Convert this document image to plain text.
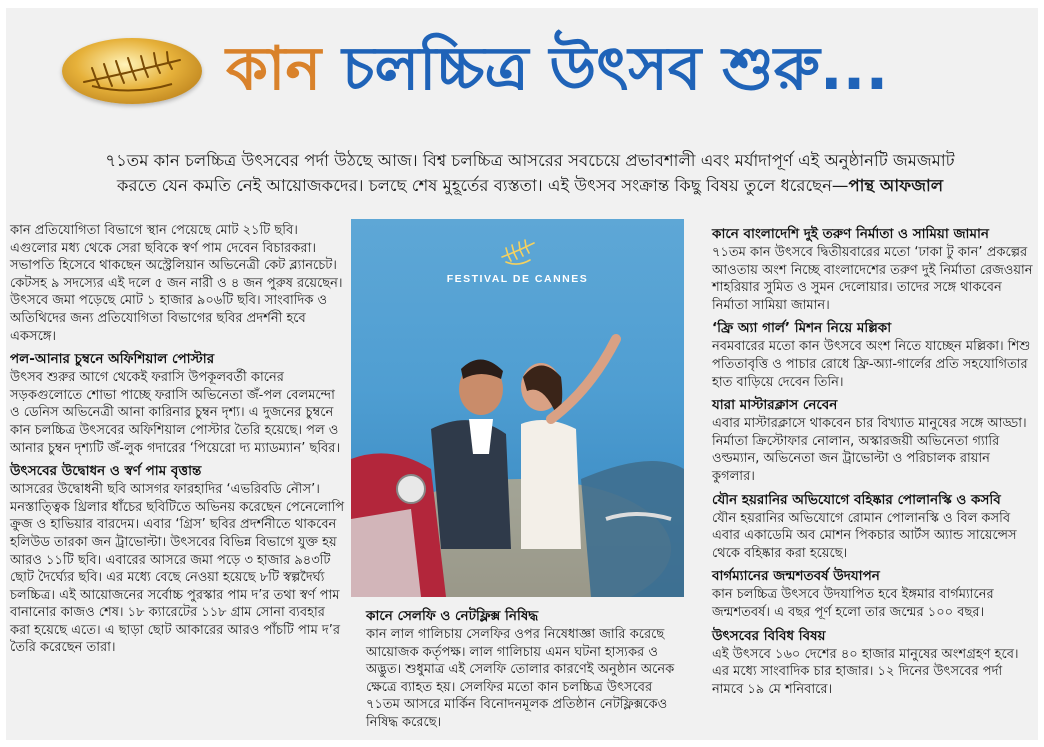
কান চলচ্চিত্র উৎসব শুরু...
৭১তম কান চলচ্চিত্র উৎসবের পর্দা উঠছে আজ। বিশ্ব চলচ্চিত্র আসরের সবচেয়ে প্রভাবশালী এবং মর্যাদাপূর্ণ এই অনুষ্ঠানটি জমজমাট
করতে যেন কমতি নেই আয়োজকদের। চলছে শেষ মুহূর্তের ব্যস্ততা। এই উৎসব সংক্রান্ত কিছু বিষয় তুলে ধরেছেন—পান্থ আফজাল

কান প্রতিযোগিতা বিভাগে স্থান পেয়েছে মোট ২১টি ছবি। এগুলোর মধ্য থেকে সেরা ছবিকে স্বর্ণ পাম দেবেন বিচারকরা। সভাপতি হিসেবে থাকছেন অস্ট্রেলিয়ান অভিনেত্রী কেট ব্ল্যানচেট। কেটসহ ৯ সদস্যের এই দলে ৫ জন নারী ও ৪ জন পুরুষ রয়েছেন। উৎসবে জমা পড়েছে মোট ১ হাজার ৯০৬টি ছবি। সাংবাদিক ও অতিথিদের জন্য প্রতিযোগিতা বিভাগের ছবির প্রদর্শনী হবে একসঙ্গে।

পল-আনার চুম্বনে অফিশিয়াল পোস্টার

উৎসব শুরুর আগে থেকেই ফরাসি উপকূলবর্তী কানের সড়কগুলোতে শোভা পাচ্ছে ফরাসি অভিনেতা জঁ-পল বেলমন্দো ও ডেনিস অভিনেত্রী আনা কারিনার চুম্বন দৃশ্য। এ দুজনের চুম্বনে কান চলচ্চিত্র উৎসবের অফিশিয়াল পোস্টার তৈরি হয়েছে। পল ও আনার চুম্বন দৃশ্যটি জঁ-লুক গদারের ‘পিয়েরো দ্য ম্যাডম্যান’ ছবির।

উৎসবের উদ্বোধন ও স্বর্ণ পাম বৃত্তান্ত

আসরের উদ্বোধনী ছবি আসগর ফারহাদির ‘এভরিবডি নৌস’। মনস্তাত্ত্বিক থ্রিলার ধাঁচের ছবিটিতে অভিনয় করেছেন পেনেলোপি ক্রুজ ও হাভিয়ার বারদেম। এবার ‘গ্রিস’ ছবির প্রদর্শনীতে থাকবেন হলিউড তারকা জন ট্রাভোল্টা। উৎসবের বিভিন্ন বিভাগে যুক্ত হয় আরও ১১টি ছবি। এবারের আসরে জমা পড়ে ৩ হাজার ৯৪৩টি ছোট দৈর্ঘ্যের ছবি। এর মধ্যে বেছে নেওয়া হয়েছে ৮টি স্বল্পদৈর্ঘ্য চলচ্চিত্র। এই আয়োজনের সর্বোচ্চ পুরস্কার পাম দ’র তথা স্বর্ণ পাম বানানোর কাজও শেষ। ১৮ ক্যারেটের ১১৮ গ্রাম সোনা ব্যবহার করা হয়েছে এতে। এ ছাড়া ছোট আকারের আরও পাঁচটি পাম দ’র তৈরি করেছেন তারা।

FESTIVAL DE CANNES
কানে সেলফি ও নেটফ্লিক্স নিষিদ্ধ

কান লাল গালিচায় সেলফির ওপর নিষেধাজ্ঞা জারি করেছে আয়োজক কর্তৃপক্ষ। লাল গালিচায় এমন ঘটনা হাস্যকর ও অদ্ভুত। শুধুমাত্র এই সেলফি তোলার কারণেই অনুষ্ঠান অনেক ক্ষেত্রে ব্যাহত হয়। সেলফির মতো কান চলচ্চিত্র উৎসবের ৭১তম আসরে মার্কিন বিনোদনমূলক প্রতিষ্ঠান নেটফ্লিক্সকেও নিষিদ্ধ করেছে।

কানে বাংলাদেশি দুই তরুণ নির্মাতা ও সামিয়া জামান

৭১তম কান উৎসবে দ্বিতীয়বারের মতো ‘ঢাকা টু কান’ প্রকল্পের আওতায় অংশ নিচ্ছে বাংলাদেশের তরুণ দুই নির্মাতা রেজওয়ান শাহরিয়ার সুমিত ও সুমন দেলোয়ার। তাদের সঙ্গে থাকবেন নির্মাতা সামিয়া জামান।

‘ফ্রি অ্যা গার্ল’ মিশন নিয়ে মল্লিকা

নবমবারের মতো কান উৎসবে অংশ নিতে যাচ্ছেন মল্লিকা। শিশু পতিতাবৃত্তি ও পাচার রোধে ফ্রি-অ্যা-গার্লের প্রতি সহযোগিতার হাত বাড়িয়ে দেবেন তিনি।

যারা মাস্টারক্লাস নেবেন

এবার মাস্টারক্লাসে থাকবেন চার বিখ্যাত মানুষের সঙ্গে আড্ডা। নির্মাতা ক্রিস্টোফার নোলান, অস্কারজয়ী অভিনেতা গ্যারি ওল্ডম্যান, অভিনেতা জন ট্রাভোল্টা ও পরিচালক রায়ান কুগলার।

যৌন হয়রানির অভিযোগে বহিষ্কার পোলানস্কি ও কসবি

যৌন হয়রানির অভিযোগে রোমান পোলানস্কি ও বিল কসবি এবার একাডেমি অব মোশন পিকচার আর্টস অ্যান্ড সায়েন্সেস থেকে বহিষ্কার করা হয়েছে।

বার্গম্যানের জন্মশতবর্ষ উদযাপন

কান চলচ্চিত্র উৎসবে উদযাপিত হবে ইঙ্গমার বার্গম্যানের জন্মশতবর্ষ। এ বছর পূর্ণ হলো তার জন্মের ১০০ বছর।

উৎসবের বিবিধ বিষয়

এই উৎসবে ১৬০ দেশের ৪০ হাজার মানুষের অংশগ্রহণ হবে। এর মধ্যে সাংবাদিক চার হাজার। ১২ দিনের উৎসবের পর্দা নামবে ১৯ মে শনিবারে।
